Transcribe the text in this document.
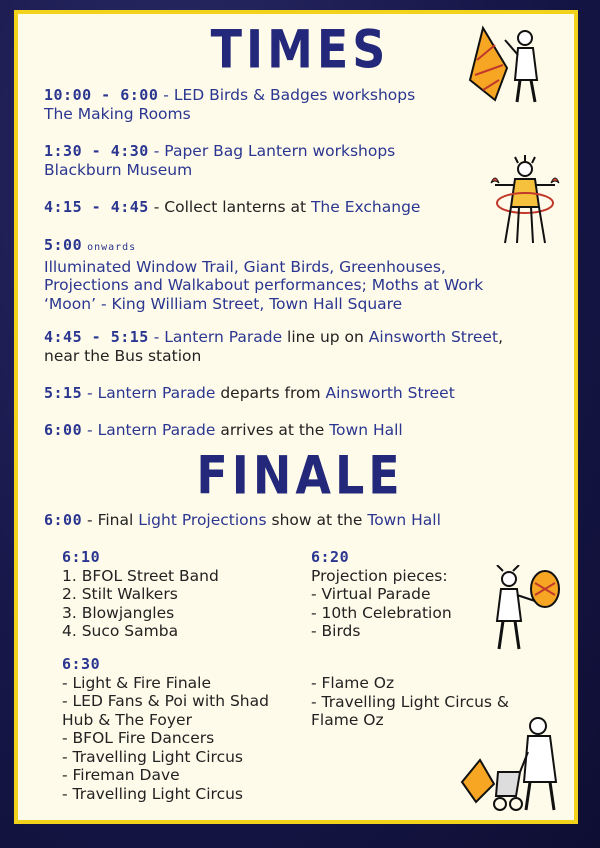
TIMES
10:00 - 6:00 - LED Birds & Badges workshops
The Making Rooms
1:30 - 4:30 - Paper Bag Lantern workshops
Blackburn Museum
4:15 - 4:45 - Collect lanterns at The Exchange
5:00 onwards
Illuminated Window Trail, Giant Birds, Greenhouses, Projections and Walkabout performances; Moths at Work ‘Moon’ - King William Street, Town Hall Square
4:45 - 5:15 - Lantern Parade line up on Ainsworth Street, near the Bus station
5:15 - Lantern Parade departs from Ainsworth Street
6:00 - Lantern Parade arrives at the Town Hall
FINALE
6:00 - Final Light Projections show at the Town Hall
6:10
1. BFOL Street Band
2. Stilt Walkers
3. Blowjangles
4. Suco Samba
6:20
Projection pieces:
- Virtual Parade
- 10th Celebration
- Birds
6:30
- Light & Fire Finale
- LED Fans & Poi with Shad Hub & The Foyer
- BFOL Fire Dancers
- Travelling Light Circus
- Fireman Dave
- Travelling Light Circus
- Flame Oz
- Travelling Light Circus & Flame Oz
